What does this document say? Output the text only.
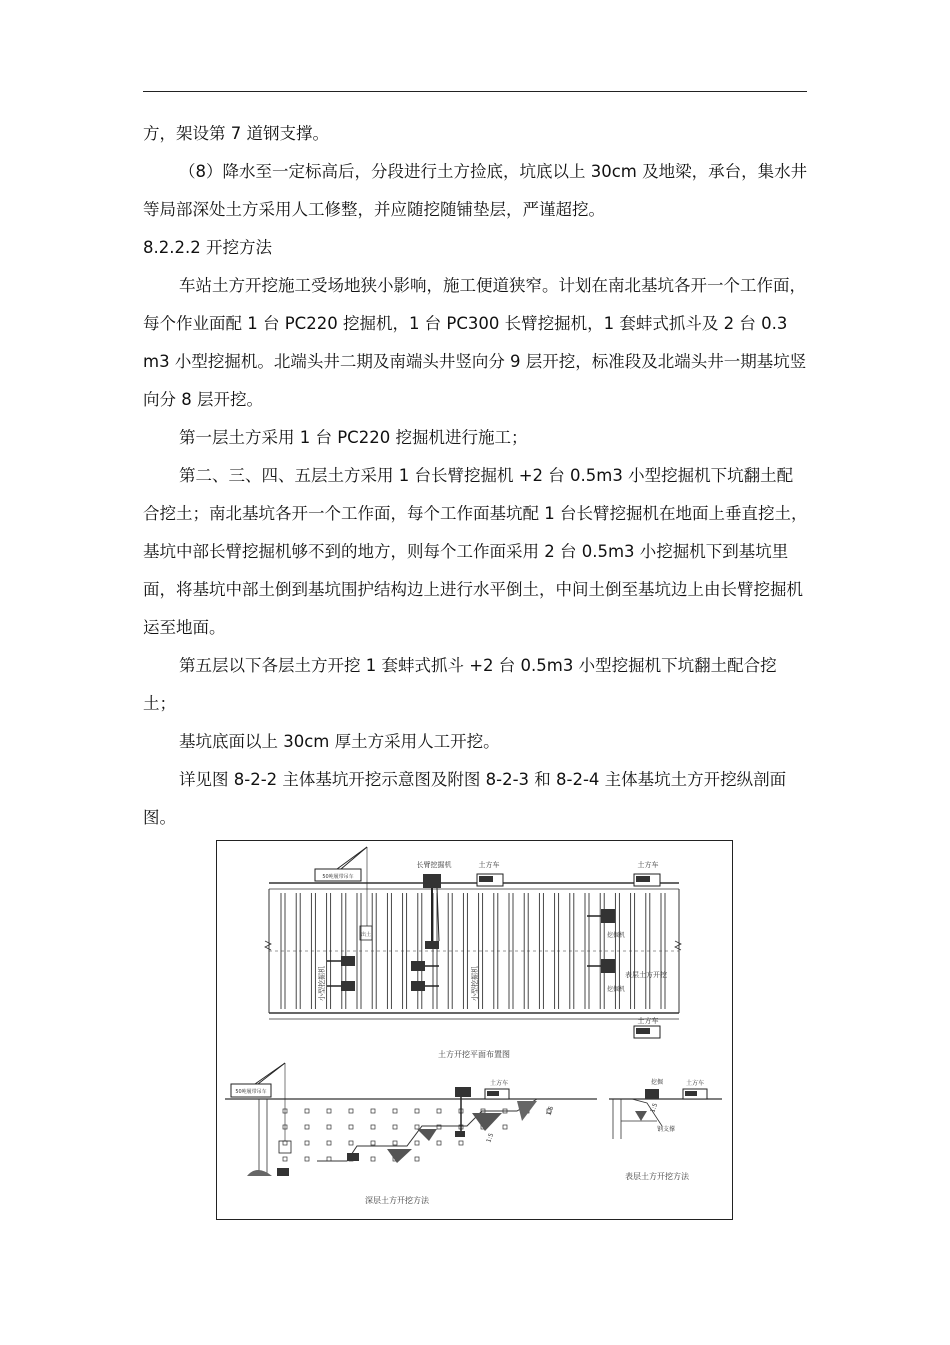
方，架设第 7 道钢支撑。

（8）降水至一定标高后，分段进行土方捡底，坑底以上 30cm 及地梁，承台，集水井等局部深处土方采用人工修整，并应随挖随铺垫层，严谨超挖。

8.2.2.2 开挖方法

车站土方开挖施工受场地狭小影响，施工便道狭窄。计划在南北基坑各开一个工作面，每个作业面配 1 台 PC220 挖掘机，1 台 PC300 长臂挖掘机，1 套蚌式抓斗及 2 台 0.3 m3 小型挖掘机。北端头井二期及南端头井竖向分 9 层开挖，标准段及北端头井一期基坑竖向分 8 层开挖。

第一层土方采用 1 台 PC220 挖掘机进行施工；

第二、三、四、五层土方采用 1 台长臂挖掘机 +2 台 0.5m3 小型挖掘机下坑翻土配合挖土；南北基坑各开一个工作面，每个工作面基坑配 1 台长臂挖掘机在地面上垂直挖土，基坑中部长臂挖掘机够不到的地方，则每个工作面采用 2 台 0.5m3 小挖掘机下到基坑里面，将基坑中部土倒到基坑围护结构边上进行水平倒土，中间土倒至基坑边上由长臂挖掘机运至地面。

第五层以下各层土方开挖 1 套蚌式抓斗 +2 台 0.5m3 小型挖掘机下坑翻土配合挖土；

基坑底面以上 30cm 厚土方采用人工开挖。

详见图 8-2-2 主体基坑开挖示意图及附图 8-2-3 和 8-2-4 主体基坑土方开挖纵剖面图。

50吨履带吊车
出土
长臂挖掘机	土方车	土方车
土方车
小型挖掘机	小型挖掘机	表层土方开挖
挖掘机
挖掘机
土方开挖平面布置图
50吨履带吊车
土方车
1:5
1:5
深层土方开挖方法
挖掘	土方车
钢支撑
1:5
表层土方开挖方法
